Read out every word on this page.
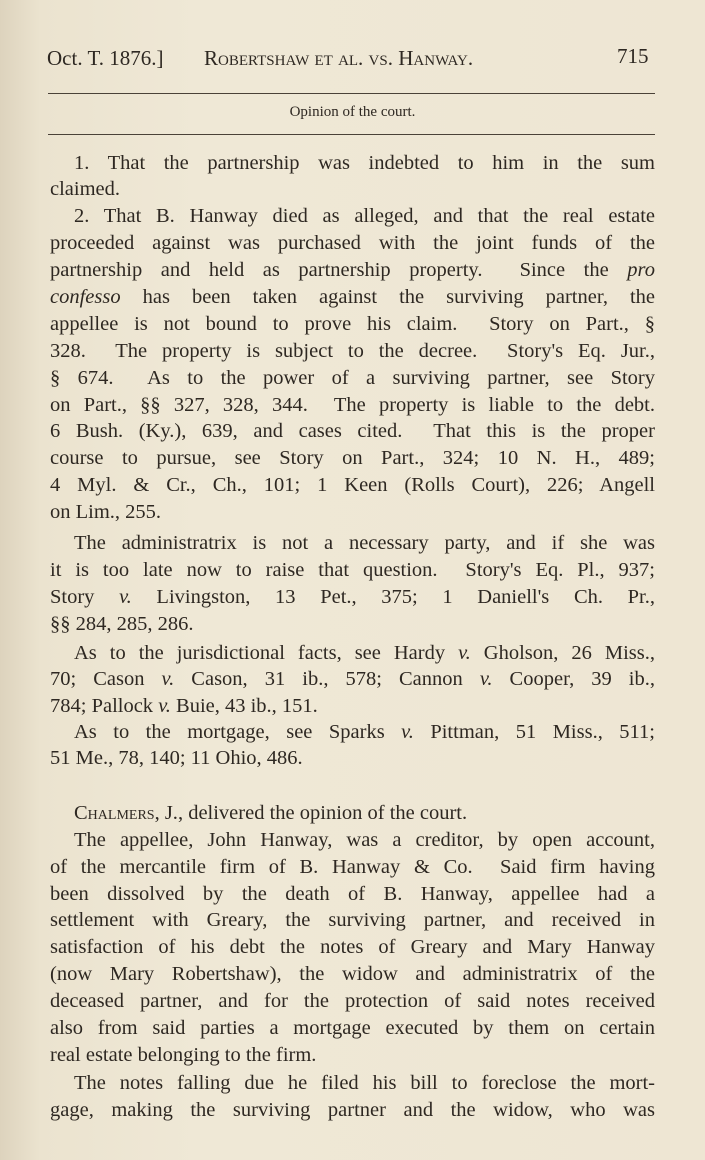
Oct. T. 1876.] Robertshaw et al. vs. Hanway.	715
Opinion of the court.
1. That the partnership was indebted to him in the sum
claimed.
2. That B. Hanway died as alleged, and that the real estate
proceeded against was purchased with the joint funds of the
partnership and held as partnership property.  Since the pro
confesso has been taken against the surviving partner, the
appellee is not bound to prove his claim.  Story on Part., §
328.  The property is subject to the decree.  Story's Eq. Jur.,
§ 674.  As to the power of a surviving partner, see Story
on Part., §§ 327, 328, 344.  The property is liable to the debt.
6 Bush. (Ky.), 639, and cases cited.  That this is the proper
course to pursue, see Story on Part., 324; 10 N. H., 489;
4 Myl. & Cr., Ch., 101; 1 Keen (Rolls Court), 226; Angell
on Lim., 255.
The administratrix is not a necessary party, and if she was
it is too late now to raise that question.  Story's Eq. Pl., 937;
Story v. Livingston, 13 Pet., 375; 1 Daniell's Ch. Pr.,
§§ 284, 285, 286.
As to the jurisdictional facts, see Hardy v. Gholson, 26 Miss.,
70; Cason v. Cason, 31 ib., 578; Cannon v. Cooper, 39 ib.,
784; Pallock v. Buie, 43 ib., 151.
As to the mortgage, see Sparks v. Pittman, 51 Miss., 511;
51 Me., 78, 140; 11 Ohio, 486.
Chalmers, J., delivered the opinion of the court.
The appellee, John Hanway, was a creditor, by open account,
of the mercantile firm of B. Hanway & Co.  Said firm having
been dissolved by the death of B. Hanway, appellee had a
settlement with Greary, the surviving partner, and received in
satisfaction of his debt the notes of Greary and Mary Hanway
(now Mary Robertshaw), the widow and administratrix of the
deceased partner, and for the protection of said notes received
also from said parties a mortgage executed by them on certain
real estate belonging to the firm.
The notes falling due he filed his bill to foreclose the mort-
gage, making the surviving partner and the widow, who was
